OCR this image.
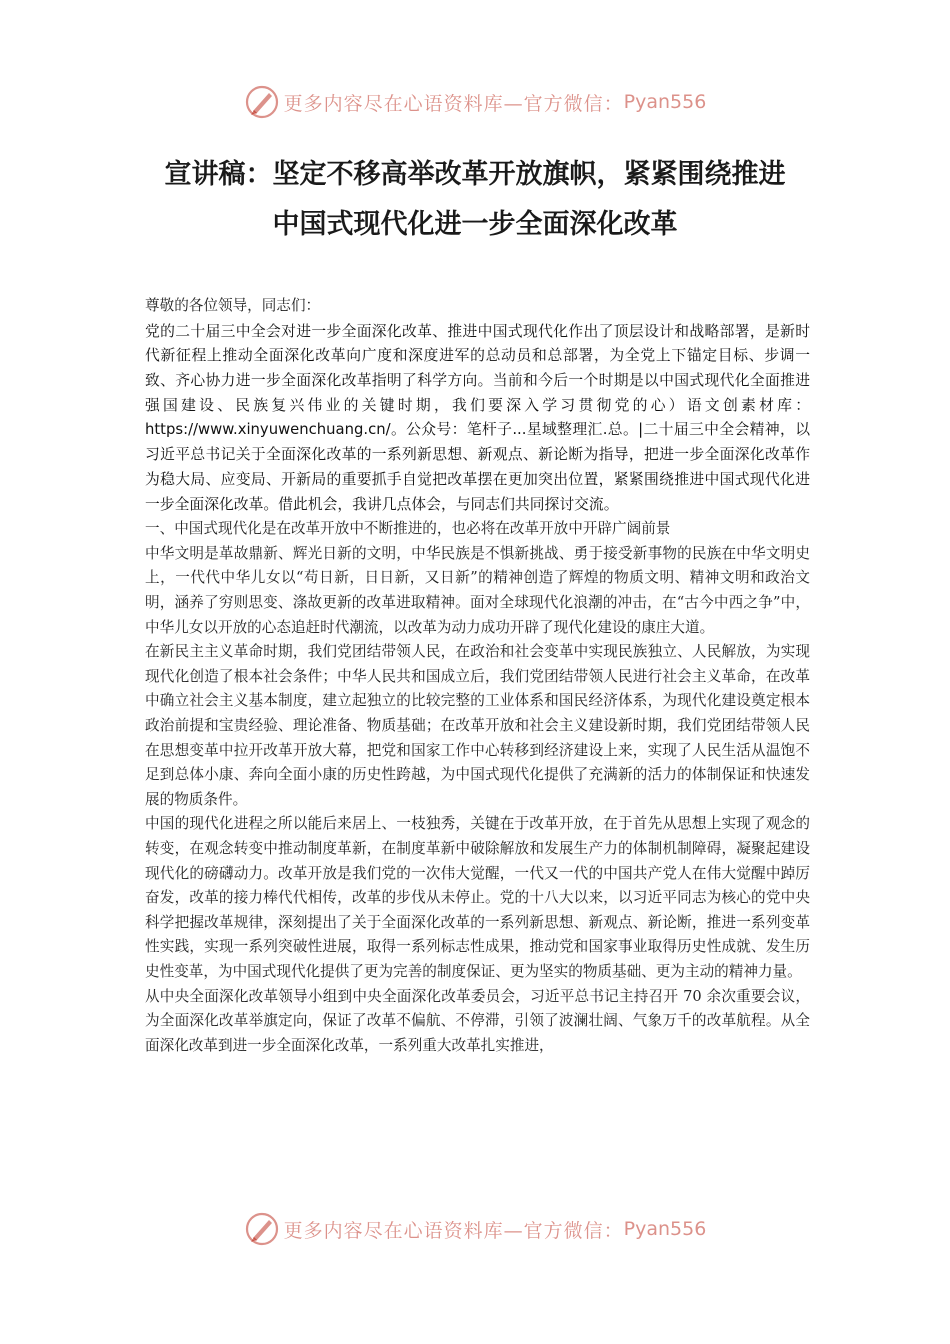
更多内容尽在心语资料库—官方微信： Pyan556
宣讲稿：坚定不移高举改革开放旗帜，紧紧围绕推进
中国式现代化进一步全面深化改革

尊敬的各位领导，同志们：

党的二十届三中全会对进一步全面深化改革、推进中国式现代化作出了顶层设计和战略部署，是新时代新征程上推动全面深化改革向广度和深度进军的总动员和总部署，为全党上下锚定目标、步调一致、齐心协力进一步全面深化改革指明了科学方向。当前和今后一个时期是以中国式现代化全面推进强国建设、民族复兴伟业的关键时期，我们要深入学习贯彻党的心）语文创素材库：https://www.xinyuwenchuang.cn/。公众号：笔杆子...星域整理汇.总。|二十届三中全会精神，以习近平总书记关于全面深化改革的一系列新思想、新观点、新论断为指导，把进一步全面深化改革作为稳大局、应变局、开新局的重要抓手自觉把改革摆在更加突出位置，紧紧围绕推进中国式现代化进一步全面深化改革。借此机会，我讲几点体会，与同志们共同探讨交流。

一、中国式现代化是在改革开放中不断推进的，也必将在改革开放中开辟广阔前景

中华文明是革故鼎新、辉光日新的文明，中华民族是不惧新挑战、勇于接受新事物的民族在中华文明史上，一代代中华儿女以“苟日新，日日新，又日新”的精神创造了辉煌的物质文明、精神文明和政治文明，涵养了穷则思变、涤故更新的改革进取精神。面对全球现代化浪潮的冲击，在“古今中西之争”中，中华儿女以开放的心态追赶时代潮流，以改革为动力成功开辟了现代化建设的康庄大道。

在新民主主义革命时期，我们党团结带领人民，在政治和社会变革中实现民族独立、人民解放，为实现现代化创造了根本社会条件；中华人民共和国成立后，我们党团结带领人民进行社会主义革命，在改革中确立社会主义基本制度，建立起独立的比较完整的工业体系和国民经济体系，为现代化建设奠定根本政治前提和宝贵经验、理论准备、物质基础；在改革开放和社会主义建设新时期，我们党团结带领人民在思想变革中拉开改革开放大幕，把党和国家工作中心转移到经济建设上来，实现了人民生活从温饱不足到总体小康、奔向全面小康的历史性跨越，为中国式现代化提供了充满新的活力的体制保证和快速发展的物质条件。

中国的现代化进程之所以能后来居上、一枝独秀，关键在于改革开放，在于首先从思想上实现了观念的转变，在观念转变中推动制度革新，在制度革新中破除解放和发展生产力的体制机制障碍，凝聚起建设现代化的磅礴动力。改革开放是我们党的一次伟大觉醒，一代又一代的中国共产党人在伟大觉醒中踔厉奋发，改革的接力棒代代相传，改革的步伐从未停止。党的十八大以来，以习近平同志为核心的党中央科学把握改革规律，深刻提出了关于全面深化改革的一系列新思想、新观点、新论断，推进一系列变革性实践，实现一系列突破性进展，取得一系列标志性成果，推动党和国家事业取得历史性成就、发生历史性变革，为中国式现代化提供了更为完善的制度保证、更为坚实的物质基础、更为主动的精神力量。

从中央全面深化改革领导小组到中央全面深化改革委员会，习近平总书记主持召开 70 余次重要会议，为全面深化改革举旗定向，保证了改革不偏航、不停滞，引领了波澜壮阔、气象万千的改革航程。从全面深化改革到进一步全面深化改革，一系列重大改革扎实推进，

更多内容尽在心语资料库—官方微信： Pyan556
